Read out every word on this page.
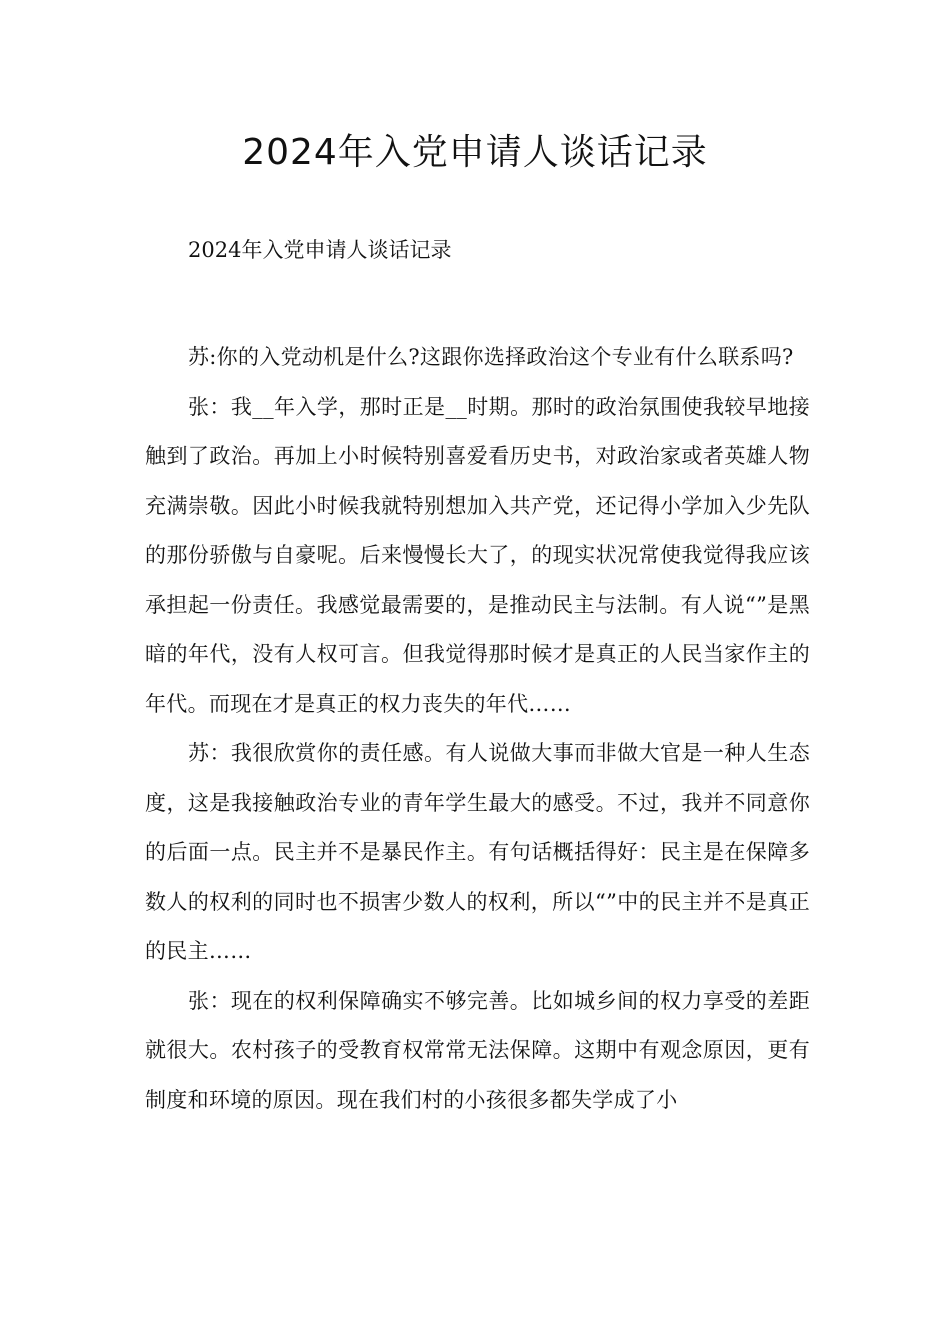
2024年入党申请人谈话记录

2024年入党申请人谈话记录

苏:你的入党动机是什么?这跟你选择政治这个专业有什么联系吗?

张：我__年入学，那时正是__时期。那时的政治氛围使我较早地接触到了政治。再加上小时候特别喜爱看历史书，对政治家或者英雄人物充满崇敬。因此小时候我就特别想加入共产党，还记得小学加入少先队的那份骄傲与自豪呢。后来慢慢长大了，的现实状况常使我觉得我应该承担起一份责任。我感觉最需要的，是推动民主与法制。有人说“”是黑暗的年代，没有人权可言。但我觉得那时候才是真正的人民当家作主的年代。而现在才是真正的权力丧失的年代……

苏：我很欣赏你的责任感。有人说做大事而非做大官是一种人生态度，这是我接触政治专业的青年学生最大的感受。不过，我并不同意你的后面一点。民主并不是暴民作主。有句话概括得好：民主是在保障多数人的权利的同时也不损害少数人的权利，所以“”中的民主并不是真正的民主……

张：现在的权利保障确实不够完善。比如城乡间的权力享受的差距就很大。农村孩子的受教育权常常无法保障。这期中有观念原因，更有制度和环境的原因。现在我们村的小孩很多都失学成了小
